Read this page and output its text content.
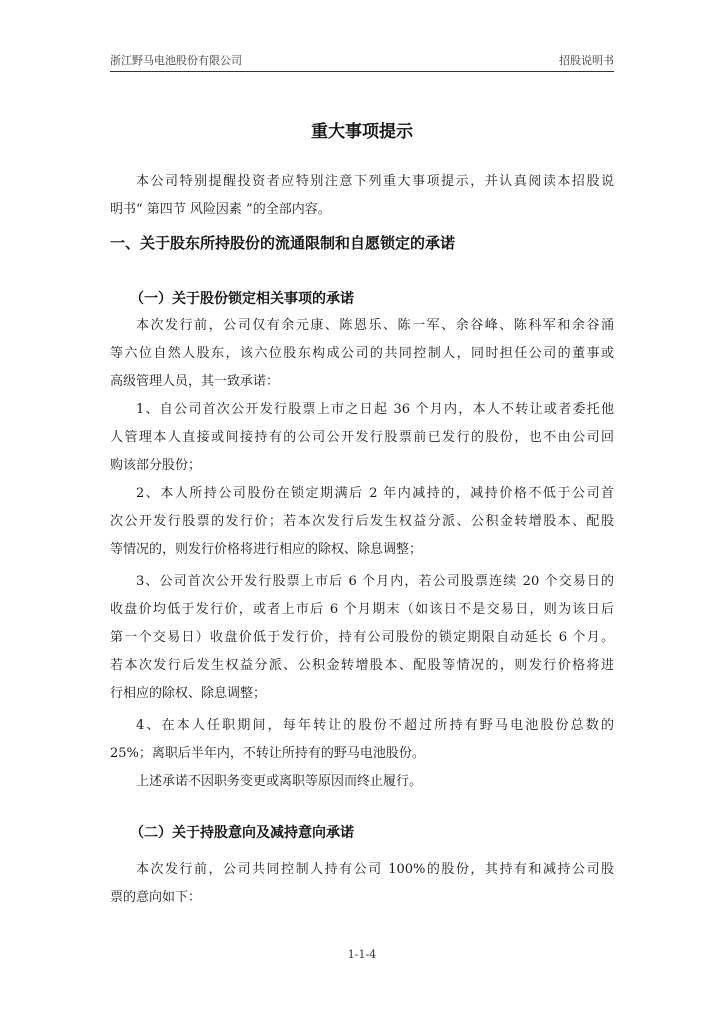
浙江野马电池股份有限公司	招股说明书
重大事项提示

本公司特别提醒投资者应特别注意下列重大事项提示，并认真阅读本招股说

明书“ 第四节 风险因素 ”的全部内容。

一、关于股东所持股份的流通限制和自愿锁定的承诺
（一）关于股份锁定相关事项的承诺

本次发行前，公司仅有余元康、陈恩乐、陈一军、余谷峰、陈科军和余谷涌

等六位自然人股东，该六位股东构成公司的共同控制人，同时担任公司的董事或

高级管理人员，其一致承诺：

1、自公司首次公开发行股票上市之日起 36 个月内，本人不转让或者委托他

人管理本人直接或间接持有的公司公开发行股票前已发行的股份，也不由公司回

购该部分股份；

2、本人所持公司股份在锁定期满后 2 年内减持的，减持价格不低于公司首

次公开发行股票的发行价；若本次发行后发生权益分派、公积金转增股本、配股

等情况的，则发行价格将进行相应的除权、除息调整；

3、公司首次公开发行股票上市后 6 个月内，若公司股票连续 20 个交易日的

收盘价均低于发行价，或者上市后 6 个月期末（如该日不是交易日，则为该日后

第一个交易日）收盘价低于发行价，持有公司股份的锁定期限自动延长 6 个月。

若本次发行后发生权益分派、公积金转增股本、配股等情况的，则发行价格将进

行相应的除权、除息调整；

4、在本人任职期间，每年转让的股份不超过所持有野马电池股份总数的

25%；离职后半年内，不转让所持有的野马电池股份。

上述承诺不因职务变更或离职等原因而终止履行。

（二）关于持股意向及减持意向承诺

本次发行前，公司共同控制人持有公司 100%的股份，其持有和减持公司股

票的意向如下：

1-1-4
